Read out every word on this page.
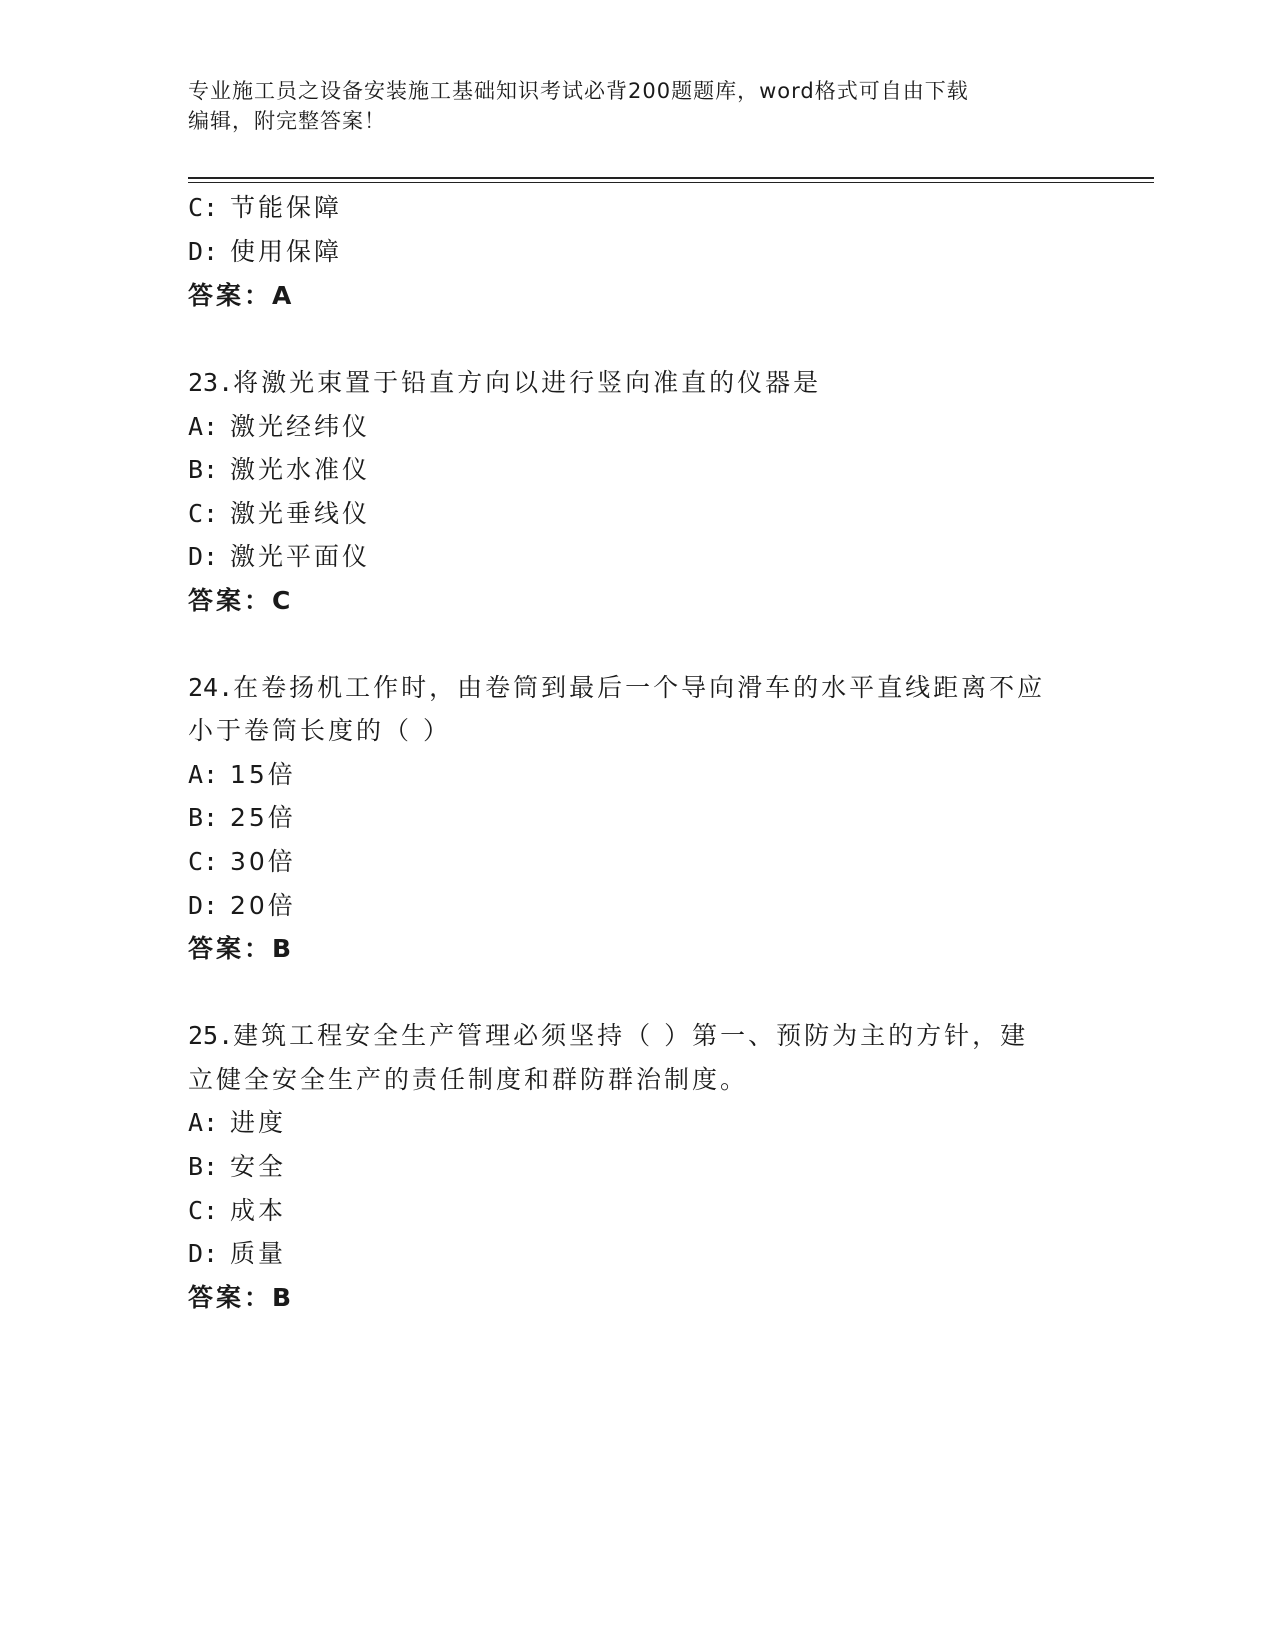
专业施工员之设备安装施工基础知识考试必背200题题库，word格式可自由下载
编辑，附完整答案！
C: 节能保障
D: 使用保障
答案：A
23.将激光束置于铅直方向以进行竖向准直的仪器是
A: 激光经纬仪
B: 激光水准仪
C: 激光垂线仪
D: 激光平面仪
答案：C
24.在卷扬机工作时，由卷筒到最后一个导向滑车的水平直线距离不应
小于卷筒长度的（ ）
A: 15倍
B: 25倍
C: 30倍
D: 20倍
答案：B
25.建筑工程安全生产管理必须坚持（ ）第一、预防为主的方针，建
立健全安全生产的责任制度和群防群治制度。
A: 进度
B: 安全
C: 成本
D: 质量
答案：B
